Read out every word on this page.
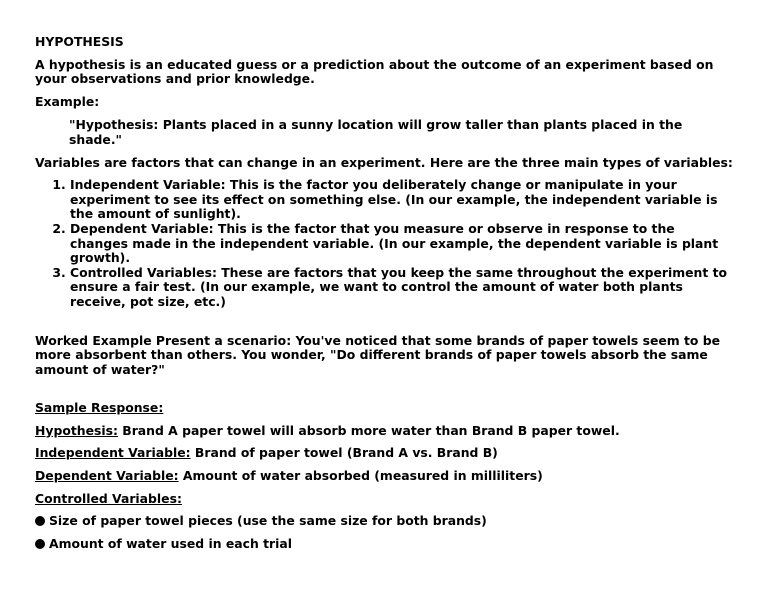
HYPOTHESIS

A hypothesis is an educated guess or a prediction about the outcome of an experiment based on your observations and prior knowledge.

Example:

"Hypothesis: Plants placed in a sunny location will grow taller than plants placed in the shade."

Variables are factors that can change in an experiment. Here are the three main types of variables:

1. Independent Variable: This is the factor you deliberately change or manipulate in your experiment to see its effect on something else. (In our example, the independent variable is the amount of sunlight).
2. Dependent Variable: This is the factor that you measure or observe in response to the changes made in the independent variable. (In our example, the dependent variable is plant growth).
3. Controlled Variables: These are factors that you keep the same throughout the experiment to ensure a fair test. (In our example, we want to control the amount of water both plants receive, pot size, etc.)

Worked Example Present a scenario: You've noticed that some brands of paper towels seem to be more absorbent than others. You wonder, "Do different brands of paper towels absorb the same amount of water?"

Sample Response:

Hypothesis: Brand A paper towel will absorb more water than Brand B paper towel.

Independent Variable: Brand of paper towel (Brand A vs. Brand B)

Dependent Variable: Amount of water absorbed (measured in milliliters)

Controlled Variables:

Size of paper towel pieces (use the same size for both brands)

Amount of water used in each trial
